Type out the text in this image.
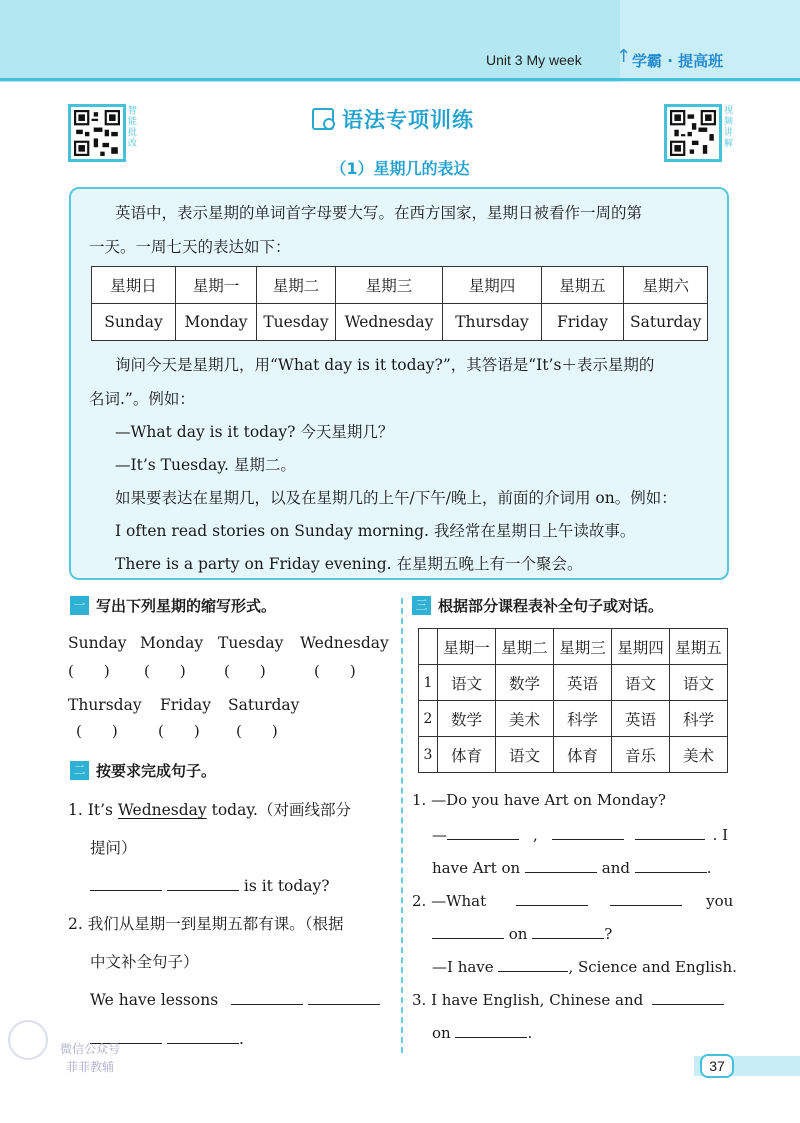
Unit 3 My week ↑ 学霸 · 提高班
智能批改
语法专项训练	视频讲解
（1）星期几的表达
英语中，表示星期的单词首字母要大写。在西方国家，星期日被看作一周的第
一天。一周七天的表达如下：
星期日	星期一	星期二	星期三	星期四	星期五	星期六
Sunday	Monday	Tuesday	Wednesday	Thursday	Friday	Saturday
询问今天是星期几，用“What day is it today?”，其答语是“It’s＋表示星期的
名词.”。例如：
—What day is it today? 今天星期几？
—It’s Tuesday. 星期二。
如果要表达在星期几，以及在星期几的上午/下午/晚上，前面的介词用 on。例如：
I often read stories on Sunday morning. 我经常在星期日上午读故事。
There is a party on Friday evening. 在星期五晚上有一个聚会。
一 写出下列星期的缩写形式。
Sunday Monday Tuesday Wednesday
(　　) (　　)	(　　)	(　　)
Thursday Friday Saturday
(　　)	(　　) (　　)
二 按要求完成句子。
1. It’s Wednesday today.（对画线部分
提问）
is it today?
2. 我们从星期一到星期五都有课。（根据
中文补全句子）
We have lessons
.
三 根据部分课程表补全句子或对话。
	星期一	星期二	星期三	星期四	星期五
1	语文	数学	英语	语文	语文
2	数学	美术	科学	英语	科学
3	体育	语文	体育	音乐	美术
1. —Do you have Art on Monday?
—	,	. I
have Art on	and	.
2. —What	you
on	?
—I have	, Science and English.
3. I have English, Chinese and
on	.
微信公众号
菲菲教辅	37
